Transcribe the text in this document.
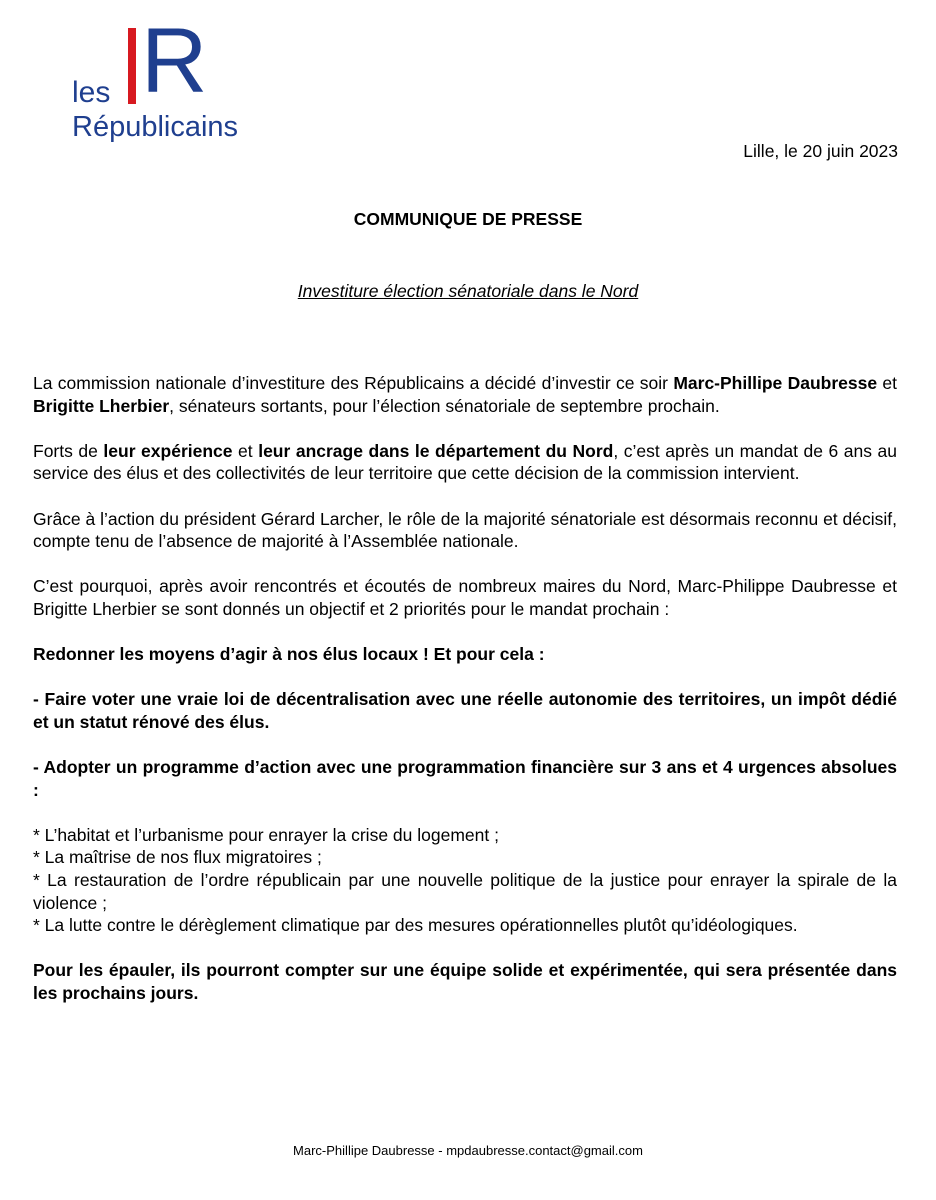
R
les
Républicains
Lille, le 20 juin 2023
COMMUNIQUE DE PRESSE
Investiture élection sénatoriale dans le Nord

La commission nationale d’investiture des Républicains a décidé d’investir ce soir Marc-Phillipe Daubresse et Brigitte Lherbier, sénateurs sortants, pour l’élection sénatoriale de septembre prochain.

Forts de leur expérience et leur ancrage dans le département du Nord, c’est après un mandat de 6 ans au service des élus et des collectivités de leur territoire que cette décision de la commission intervient.

Grâce à l’action du président Gérard Larcher, le rôle de la majorité sénatoriale est désormais reconnu et décisif, compte tenu de l’absence de majorité à l’Assemblée nationale.

C’est pourquoi, après avoir rencontrés et écoutés de nombreux maires du Nord, Marc-Philippe Daubresse et Brigitte Lherbier se sont donnés un objectif et 2 priorités pour le mandat prochain :

Redonner les moyens d’agir à nos élus locaux ! Et pour cela :

- Faire voter une vraie loi de décentralisation avec une réelle autonomie des territoires, un impôt dédié et un statut rénové des élus.

- Adopter un programme d’action avec une programmation financière sur 3 ans et 4 urgences absolues :

* L’habitat et l’urbanisme pour enrayer la crise du logement ;

* La maîtrise de nos flux migratoires ;

* La restauration de l’ordre républicain par une nouvelle politique de la justice pour enrayer la spirale de la violence ;

* La lutte contre le dérèglement climatique par des mesures opérationnelles plutôt qu’idéologiques.

Pour les épauler, ils pourront compter sur une équipe solide et expérimentée, qui sera présentée dans les prochains jours.

Marc-Phillipe Daubresse - mpdaubresse.contact@gmail.com
